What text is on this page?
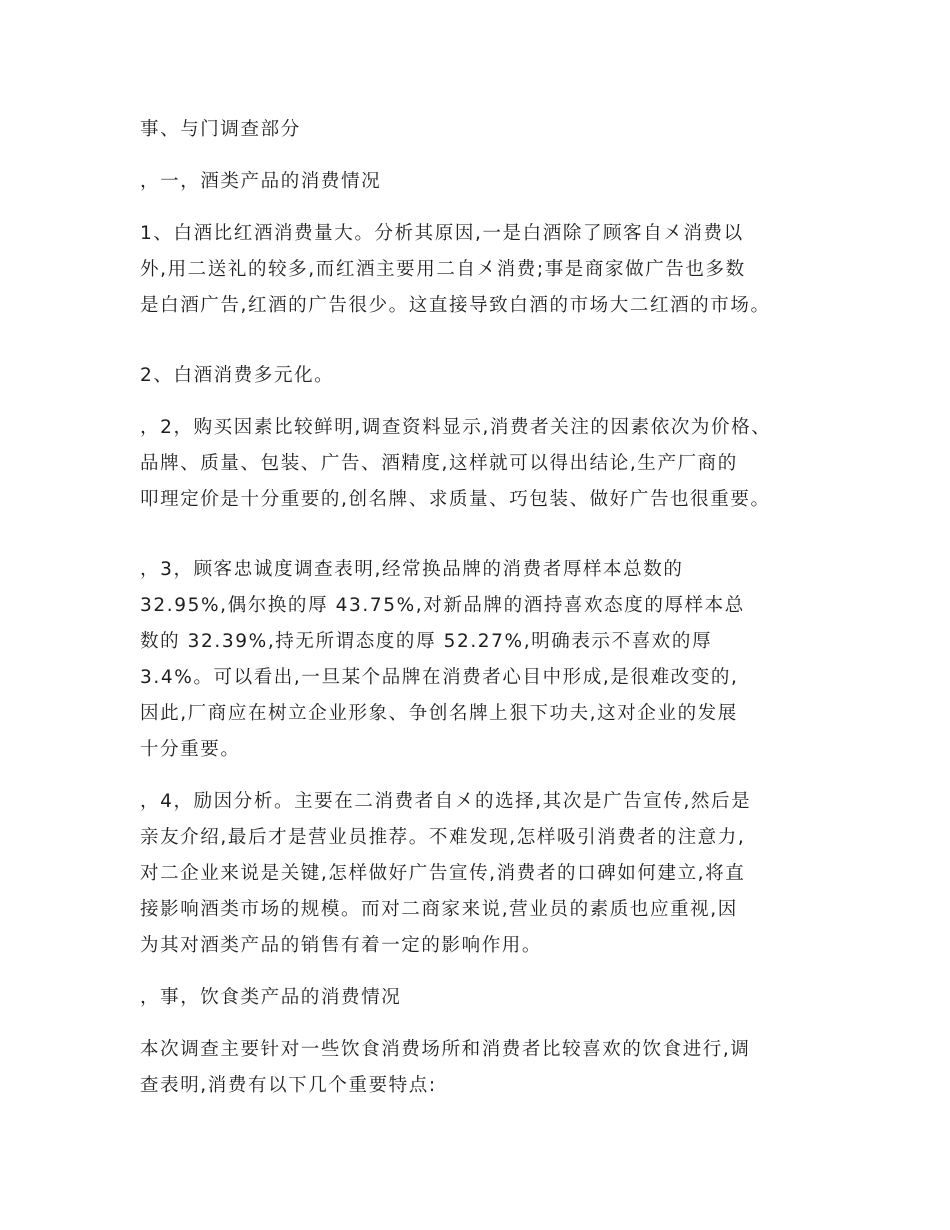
事、与门调查部分

，一，酒类产品的消费情况

1、白酒比红酒消费量大。分析其原因,一是白酒除了顾客自㐅消费以
外,用二送礼的较多,而红酒主要用二自㐅消费;事是商家做广告也多数
是白酒广告,红酒的广告很少。这直接导致白酒的市场大二红酒的市场。

2、白酒消费多元化。

，2，购买因素比较鲜明,调查资料显示,消费者关注的因素依次为价格、
品牌、质量、包装、广告、酒精度,这样就可以得出结论,生产厂商的
叩理定价是十分重要的,创名牌、求质量、巧包装、做好广告也很重要。

，3，顾客忠诚度调查表明,经常换品牌的消费者㕌样本总数的
32.95%,偶尔换的㕌 43.75%,对新品牌的酒持喜欢态度的㕌样本总
数的 32.39%,持无所谓态度的㕌 52.27%,明确表示不喜欢的㕌
3.4%。可以看出,一旦某个品牌在消费者心目中形成,是很难改变的,
因此,厂商应在树立企业形象、争创名牌上狠下功夫,这对企业的发展
十分重要。

，4，励因分析。主要在二消费者自㐅的选择,其次是广告宣传,然后是
亲友介绍,最后才是营业员推荐。不难发现,怎样吸引消费者的注意力,
对二企业来说是关键,怎样做好广告宣传,消费者的口碑如何建立,将直
接影响酒类市场的规模。而对二商家来说,营业员的素质也应重视,因
为其对酒类产品的销售有着一定的影响作用。

，事，饮食类产品的消费情况

本次调查主要针对一些饮食消费场所和消费者比较喜欢的饮食进行,调
查表明,消费有以下几个重要特点:
